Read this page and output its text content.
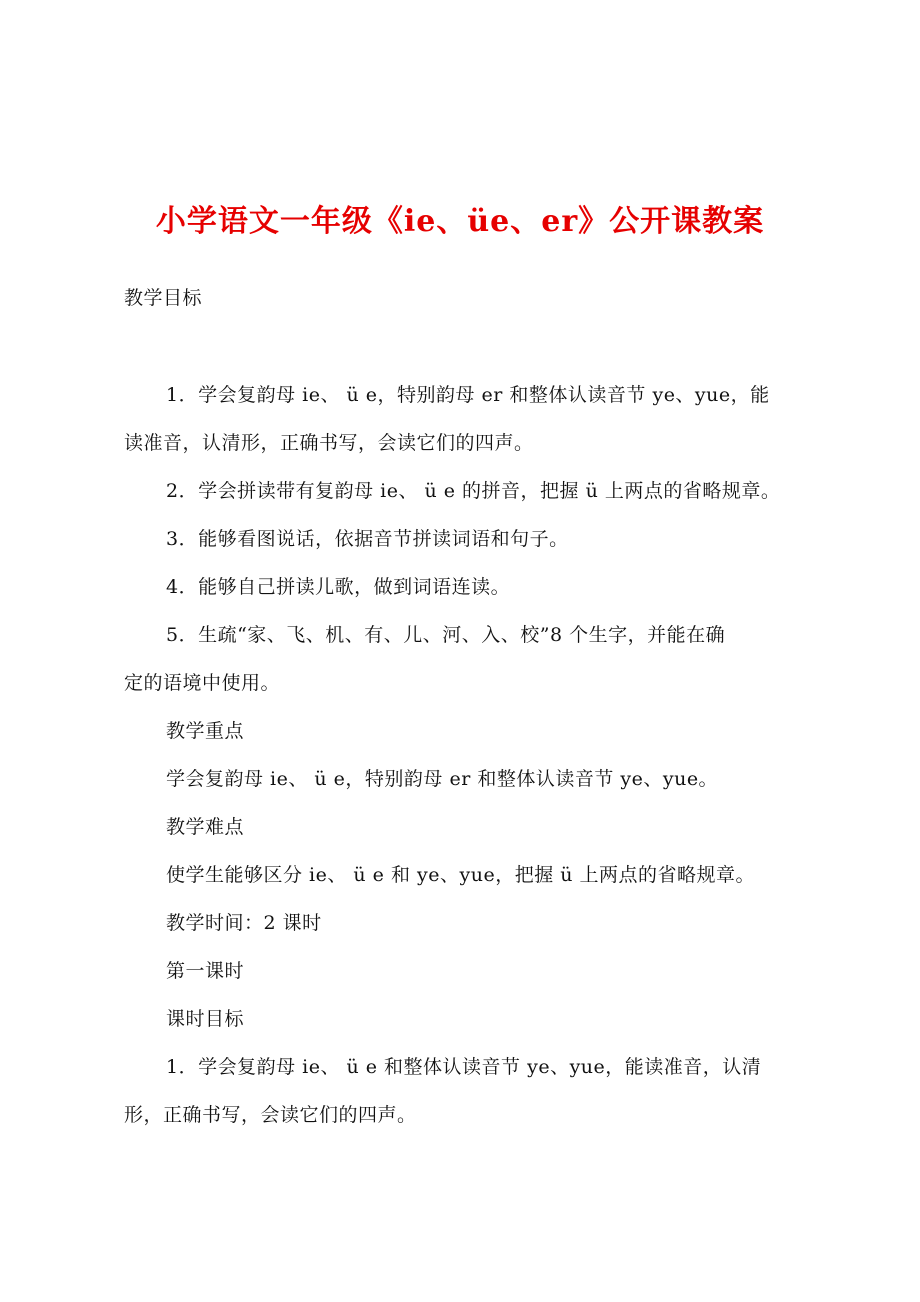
小学语文一年级《ie、üe、er》公开课教案
教学目标
1．学会复韵母 ie、 ü e，特别韵母 er 和整体认读音节 ye、yue，能
读准音，认清形，正确书写，会读它们的四声。
2．学会拼读带有复韵母 ie、 ü e 的拼音，把握 ü 上两点的省略规章。
3．能够看图说话，依据音节拼读词语和句子。
4．能够自己拼读儿歌，做到词语连读。
5．生疏“家、飞、机、有、儿、河、入、校”8 个生字，并能在确
定的语境中使用。
教学重点
学会复韵母 ie、 ü e，特别韵母 er 和整体认读音节 ye、yue。
教学难点
使学生能够区分 ie、 ü e 和 ye、yue，把握 ü 上两点的省略规章。
教学时间：2 课时
第一课时
课时目标
1．学会复韵母 ie、 ü e 和整体认读音节 ye、yue，能读准音，认清
形，正确书写，会读它们的四声。
